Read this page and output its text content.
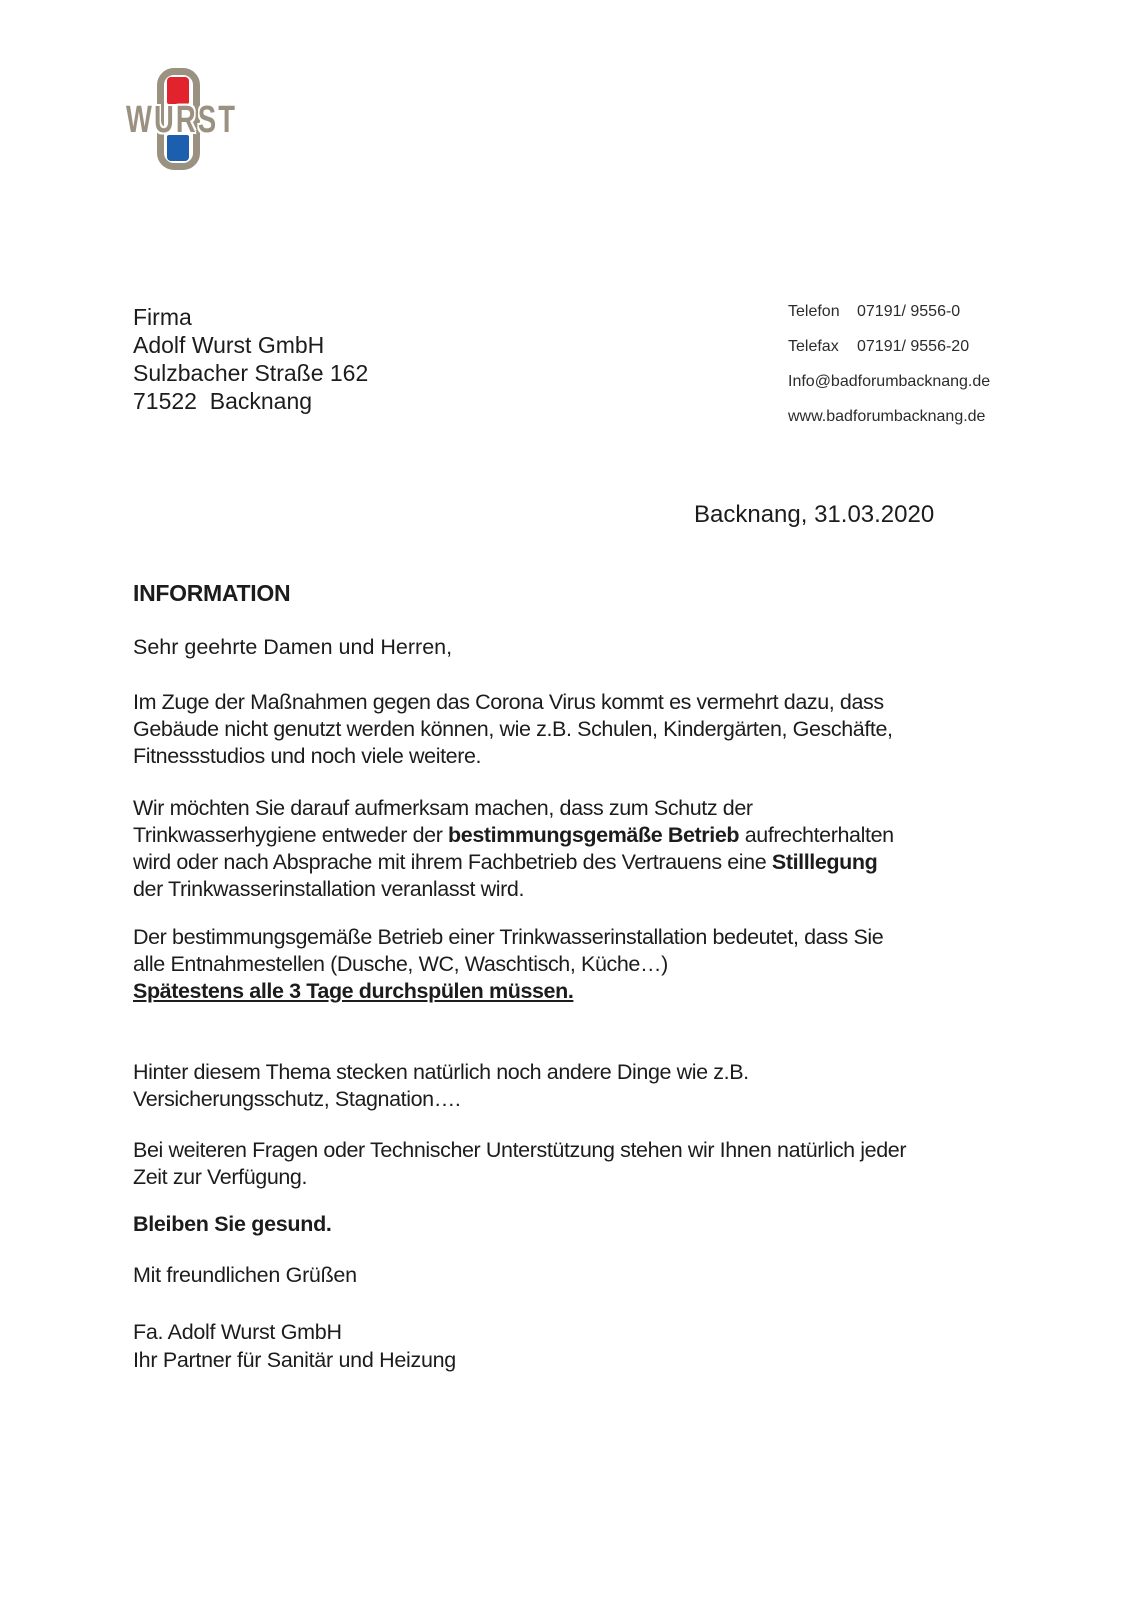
WURST
Firma
Adolf Wurst GmbH
Sulzbacher Straße 162
71522  Backnang
Telefon	07191/ 9556-0
Telefax	07191/ 9556-20
Info@badforumbacknang.de
www.badforumbacknang.de
Backnang, 31.03.2020
INFORMATION
Sehr geehrte Damen und Herren,
Im Zuge der Maßnahmen gegen das Corona Virus kommt es vermehrt dazu, dass
Gebäude nicht genutzt werden können, wie z.B. Schulen, Kindergärten, Geschäfte,
Fitnessstudios und noch viele weitere.
Wir möchten Sie darauf aufmerksam machen, dass zum Schutz der
Trinkwasserhygiene entweder der bestimmungsgemäße Betrieb aufrechterhalten
wird oder nach Absprache mit ihrem Fachbetrieb des Vertrauens eine Stilllegung
der Trinkwasserinstallation veranlasst wird.
Der bestimmungsgemäße Betrieb einer Trinkwasserinstallation bedeutet, dass Sie
alle Entnahmestellen (Dusche, WC, Waschtisch, Küche…)
Spätestens alle 3 Tage durchspülen müssen.
Hinter diesem Thema stecken natürlich noch andere Dinge wie z.B.
Versicherungsschutz, Stagnation….
Bei weiteren Fragen oder Technischer Unterstützung stehen wir Ihnen natürlich jeder
Zeit zur Verfügung.
Bleiben Sie gesund.
Mit freundlichen Grüßen
Fa. Adolf Wurst GmbH
Ihr Partner für Sanitär und Heizung
